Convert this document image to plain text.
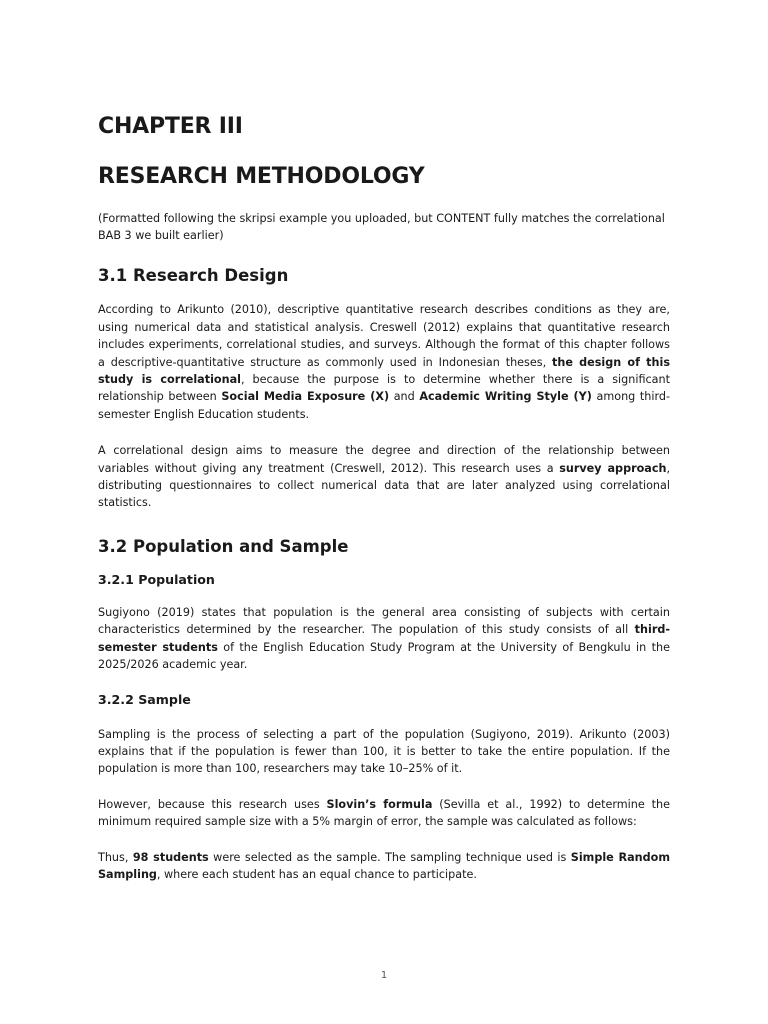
CHAPTER III
RESEARCH METHODOLOGY

(Formatted following the skripsi example you uploaded, but CONTENT fully matches the correlational BAB 3 we built earlier)

3.1 Research Design

According to Arikunto (2010), descriptive quantitative research describes conditions as they are, using numerical data and statistical analysis. Creswell (2012) explains that quantitative research includes experiments, correlational studies, and surveys. Although the format of this chapter follows a descriptive-quantitative structure as commonly used in Indonesian theses, the design of this study is correlational, because the purpose is to determine whether there is a significant relationship between Social Media Exposure (X) and Academic Writing Style (Y) among third-semester English Education students.

A correlational design aims to measure the degree and direction of the relationship between variables without giving any treatment (Creswell, 2012). This research uses a survey approach, distributing questionnaires to collect numerical data that are later analyzed using correlational statistics.

3.2 Population and Sample
3.2.1 Population

Sugiyono (2019) states that population is the general area consisting of subjects with certain characteristics determined by the researcher. The population of this study consists of all third-semester students of the English Education Study Program at the University of Bengkulu in the 2025/2026 academic year.

3.2.2 Sample

Sampling is the process of selecting a part of the population (Sugiyono, 2019). Arikunto (2003) explains that if the population is fewer than 100, it is better to take the entire population. If the population is more than 100, researchers may take 10–25% of it.

However, because this research uses Slovin’s formula (Sevilla et al., 1992) to determine the minimum required sample size with a 5% margin of error, the sample was calculated as follows:

Thus, 98 students were selected as the sample. The sampling technique used is Simple Random Sampling, where each student has an equal chance to participate.

1
